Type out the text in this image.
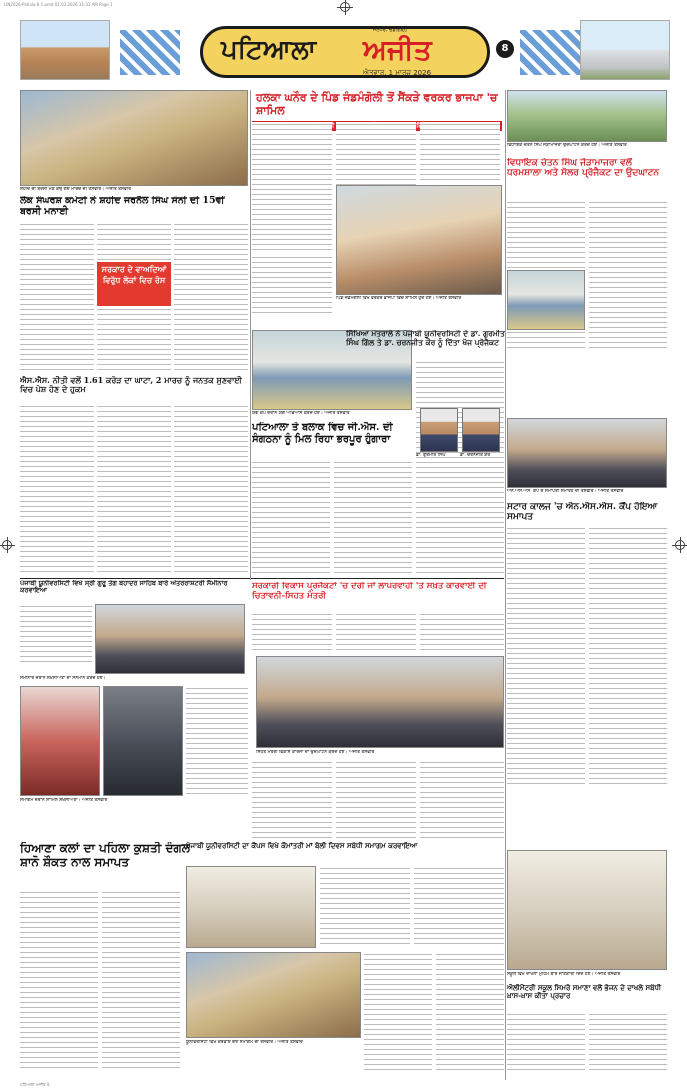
LIN2026-Patiala-8 1.pmd 01.03.2026 11:31 AM Page 1
ਪਟਿਆਲਾ
ਜਲੰਧਰ, ਚੰਡੀਗੜ੍ਹ
ਅਜੀਤ
ਐਤਵਾਰ, 1 ਮਾਰਚ 2026
8
ਸ਼ਹੀਦ ਦੀ ਬਰਸੀ ਮੌਕੇ ਕੱਢੇ ਗਏ ਮਾਰਚ ਦੀ ਤਸਵੀਰ। ਅਜੀਤ ਤਸਵੀਰ
ਹਲਕਾ ਘਨੌਰ ਦੇ ਪਿੰਡ ਜੰਡਮੰਗੋਲੀ ਤੋਂ ਸੈਂਕੜੇ ਵਰਕਰ ਭਾਜਪਾ 'ਚ ਸ਼ਾਮਿਲ
ਪਿੰਡ ਜੰਡਮੰਗੋਲੀ ਵਿਖੇ ਵਰਕਰ ਭਾਜਪਾ ਵਿਚ ਸ਼ਾਮਿਲ ਹੁੰਦੇ ਹੋਏ। ਅਜੀਤ ਤਸਵੀਰ
ਵਿਧਾਇਕ ਚੇਤਨ ਸਿੰਘ ਜੌੜਾਮਾਜਰਾ ਉਦਘਾਟਨ ਕਰਦੇ ਹੋਏ। ਅਜੀਤ ਤਸਵੀਰ
ਵਿਧਾਇਕ ਚੇਤਨ ਸਿੰਘ ਜੌੜਾਮਾਜਰਾ ਵਲੋਂ ਧਰਮਸ਼ਾਲਾ ਅਤੇ ਸੋਲਰ ਪ੍ਰੋਜੈਕਟ ਦਾ ਉਦਘਾਟਨ
ਲੋਕ ਸੰਘਰਸ਼ ਕਮੇਟੀ ਨੇ ਸ਼ਹੀਦ ਜਰਨੈਲ ਸਿੰਘ ਸੋਨੀ ਦੀ 15ਵੀਂ ਬਰਸੀ ਮਨਾਈ
ਸਰਕਾਰ ਦੇ ਵਾਅਦਿਆਂ ਵਿਰੁੱਧ ਲੋਕਾਂ ਵਿਚ ਰੋਸ
ਐਸ.ਐਸ. ਨੀਤੀ ਵਲੋਂ 1.61 ਕਰੋੜ ਦਾ ਘਾਟਾ, 2 ਮਾਰਚ ਨੂੰ ਜਨਤਕ ਸੁਣਵਾਈ ਵਿਚ ਪੇਸ਼ ਹੋਣ ਦੇ ਹੁਕਮ
ਯੋਗ ਕੈਂਪ ਦੌਰਾਨ ਯੋਗ ਅਭਿਆਸ ਕਰਦੇ ਹੋਏ। ਅਜੀਤ ਤਸਵੀਰ
ਪਟਿਆਲਾ ਤੇ ਬਲਾਕ ਵਿਚ ਜੀ.ਐਸ. ਦੀ ਸੰਗਠਨਾ ਨੂੰ ਮਿਲ ਰਿਹਾ ਭਰਪੂਰ ਹੁੰਗਾਰਾ
ਸਿੱਖਿਆ ਮੰਤਰਾਲੇ ਨੇ ਪੰਜਾਬੀ ਯੂਨੀਵਰਸਿਟੀ ਦੇ ਡਾ. ਗੁਰਮੀਤ ਸਿੰਘ ਗਿੱਲ ਤੇ ਡਾ. ਚਰਨਜੀਤ ਕੌਰ ਨੂੰ ਦਿੱਤਾ ਖੋਜ ਪ੍ਰੋਜੈਕਟ
ਡਾ. ਗੁਰਮੀਤ ਸਿੰਘ	ਡਾ. ਚਰਨਜੀਤ ਕੌਰ
ਐਨ.ਐਸ.ਐਸ. ਕੈਂਪ ਦੇ ਸਮਾਪਤੀ ਸਮਾਰੋਹ ਦੀ ਤਸਵੀਰ। ਅਜੀਤ ਤਸਵੀਰ
ਸਟਾਰ ਕਾਲਜ 'ਚ ਐਨ.ਐਸ.ਐਸ. ਕੈਂਪ ਹੋਇਆ ਸਮਾਪਤ
ਪੰਜਾਬੀ ਯੂਨੀਵਰਸਿਟੀ ਵਿਖੇ ਸ੍ਰੀ ਗੁਰੂ ਤੇਗ ਬਹਾਦਰ ਸਾਹਿਬ ਬਾਰੇ ਅੰਤਰਰਾਸ਼ਟਰੀ ਸੈਮੀਨਾਰ ਕਰਵਾਇਆ
ਸੈਮੀਨਾਰ ਦੌਰਾਨ ਸ਼ਖ਼ਸੀਅਤਾਂ ਦਾ ਸਨਮਾਨ ਕਰਦੇ ਹੋਏ।
ਸਮਾਗਮ ਦੌਰਾਨ ਸ਼ਾਮਿਲ ਸ਼ਖ਼ਸੀਅਤਾਂ। ਅਜੀਤ ਤਸਵੀਰ
ਸਰਕਾਰੀ ਵਿਕਾਸ ਪ੍ਰੋਜੈਕਟਾਂ 'ਚ ਦੇਰੀ ਜਾਂ ਲਾਪਰਵਾਹੀ 'ਤੇ ਸਖ਼ਤ ਕਾਰਵਾਈ ਦੀ ਚਿਤਾਵਨੀ-ਸਿਹਤ ਮੰਤਰੀ
ਸਿਹਤ ਮੰਤਰੀ ਵਿਕਾਸ ਕਾਰਜਾਂ ਦਾ ਉਦਘਾਟਨ ਕਰਦੇ ਹੋਏ। ਅਜੀਤ ਤਸਵੀਰ
ਹਿਆਣਾ ਕਲਾਂ ਦਾ ਪਹਿਲਾ ਕੁਸ਼ਤੀ ਦੰਗਲ ਸ਼ਾਨੋ ਸ਼ੌਕਤ ਨਾਲ ਸਮਾਪਤ
ਪੰਜਾਬੀ ਯੂਨੀਵਰਸਿਟੀ ਦਾ ਕੈਂਪਸ ਵਿਖੇ ਕੌਮਾਂਤਰੀ ਮਾਂ ਬੋਲੀ ਦਿਵਸ ਸਬੰਧੀ ਸਮਾਗਮ ਕਰਵਾਇਆ
ਯੂਨੀਵਰਸਿਟੀ ਵਿਖੇ ਕਰਵਾਏ ਗਏ ਸਮਾਗਮ ਦੀ ਤਸਵੀਰ। ਅਜੀਤ ਤਸਵੀਰ
ਸਕੂਲ ਵਿਖੇ ਦਾਖਲਾ ਮੁਹਿੰਮ ਬਾਰੇ ਜਾਣਕਾਰੀ ਦਿੰਦੇ ਹੋਏ। ਅਜੀਤ ਤਸਵੀਰ
ਐਲੀਮੈਂਟਰੀ ਸਕੂਲ ਸਿਮਰੋ ਸਮਾਣਾ ਵਲੋਂ ਭੋਜਨ ਦੇ ਦਾਖਲੇ ਸਬੰਧੀ ਖ਼ਾਸ-ਖ਼ਾਸ ਕੀਤਾ ਪ੍ਰਚਾਰ
ਪਟਿਆਲਾ ਅਜੀਤ 8
